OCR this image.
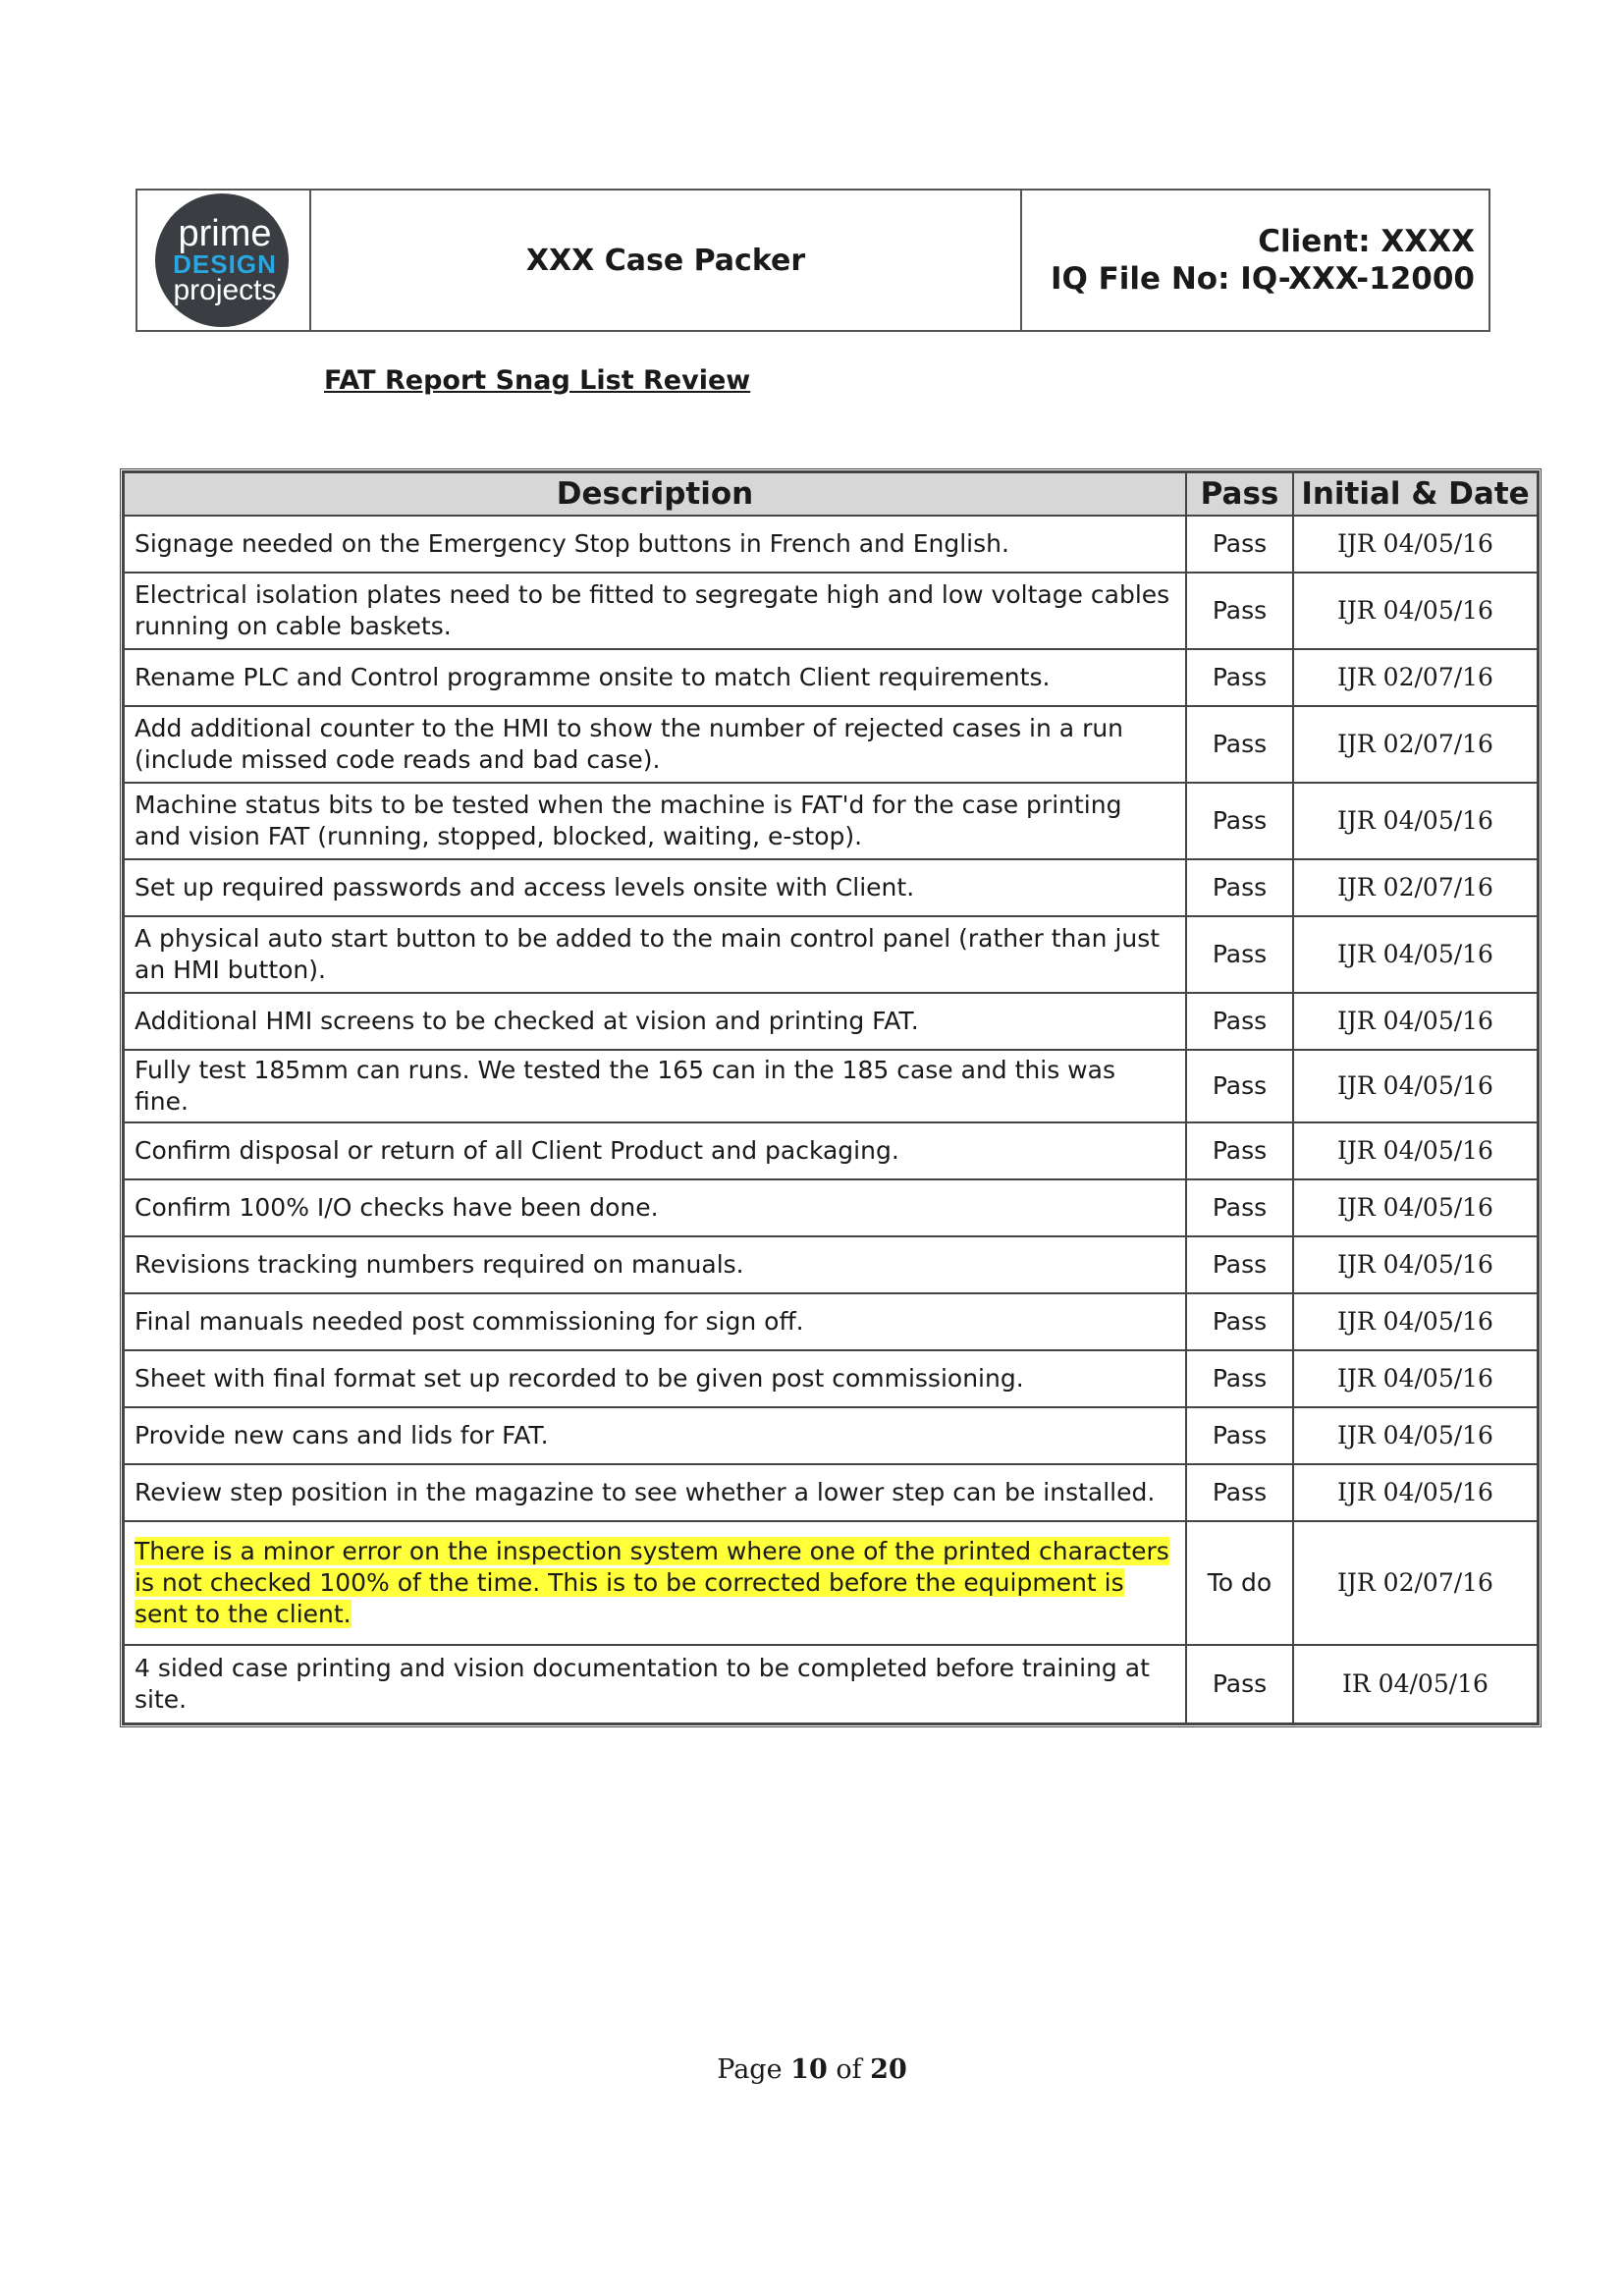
prime
DESIGN
projects
XXX Case Packer
Client: XXXX
IQ File No: IQ-XXX-12000
FAT Report Snag List Review
Description	Pass	Initial & Date
Signage needed on the Emergency Stop buttons in French and English.	Pass	IJR 04/05/16
Electrical isolation plates need to be fitted to segregate high and low voltage cables running on cable baskets.	Pass	IJR 04/05/16
Rename PLC and Control programme onsite to match Client requirements.	Pass	IJR 02/07/16
Add additional counter to the HMI to show the number of rejected cases in a run (include missed code reads and bad case).	Pass	IJR 02/07/16
Machine status bits to be tested when the machine is FAT'd for the case printing and vision FAT (running, stopped, blocked, waiting, e-stop).	Pass	IJR 04/05/16
Set up required passwords and access levels onsite with Client.	Pass	IJR 02/07/16
A physical auto start button to be added to the main control panel (rather than just an HMI button).	Pass	IJR 04/05/16
Additional HMI screens to be checked at vision and printing FAT.	Pass	IJR 04/05/16
Fully test 185mm can runs. We tested the 165 can in the 185 case and this was fine.	Pass	IJR 04/05/16
Confirm disposal or return of all Client Product and packaging.	Pass	IJR 04/05/16
Confirm 100% I/O checks have been done.	Pass	IJR 04/05/16
Revisions tracking numbers required on manuals.	Pass	IJR 04/05/16
Final manuals needed post commissioning for sign off.	Pass	IJR 04/05/16
Sheet with final format set up recorded to be given post commissioning.	Pass	IJR 04/05/16
Provide new cans and lids for FAT.	Pass	IJR 04/05/16
Review step position in the magazine to see whether a lower step can be installed.	Pass	IJR 04/05/16
There is a minor error on the inspection system where one of the printed characters is not checked 100% of the time. This is to be corrected before the equipment is sent to the client.	To do	IJR 02/07/16
4 sided case printing and vision documentation to be completed before training at site.	Pass	IR 04/05/16
Page 10 of 20
